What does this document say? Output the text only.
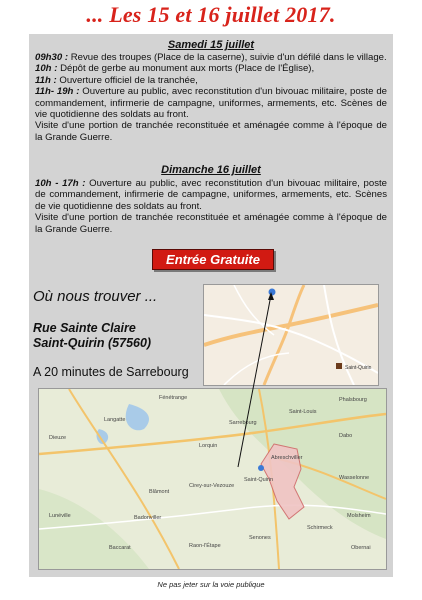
... Les 15 et 16 juillet 2017.
Samedi 15 juillet

09h30 : Revue des troupes (Place de la caserne), suivie d'un défilé dans le village.

10h : Dépôt de gerbe au monument aux morts (Place de l'Église),

11h : Ouverture officiel de la tranchée,

11h- 19h : Ouverture au public, avec reconstitution d'un bivouac militaire, poste de commandement, infirmerie de campagne, uniformes, armements, etc. Scènes de vie quotidienne des soldats au front.

Visite d'une portion de tranchée reconstituée et aménagée comme à l'époque de la Grande Guerre.

Dimanche 16 juillet

10h - 17h : Ouverture au public, avec reconstitution d'un bivouac militaire, poste de commandement, infirmerie de campagne, uniformes, armements, etc. Scènes de vie quotidienne des soldats au front.

Visite d'une portion de tranchée reconstituée et aménagée comme à l'époque de la Grande Guerre.

Entrée Gratuite
Où nous trouver ...
Rue Sainte Claire
Saint-Quirin (57560)
A 20 minutes de Sarrebourg	Saint-Quirin
Fénétrange	Phalsbourg
Langatte	Sarrebourg
Dabo
Saint-Louis
Lorquin
Abreschviller
Saint-Quirin
Cirey-sur-Vezouze
Blâmont
Badonviller
Raon-l'Étape
Senones
Schirmeck
Wasselonne
Molsheim
Obernai
Baccarat
Lunéville
Dieuze
Ne pas jeter sur la voie publique
